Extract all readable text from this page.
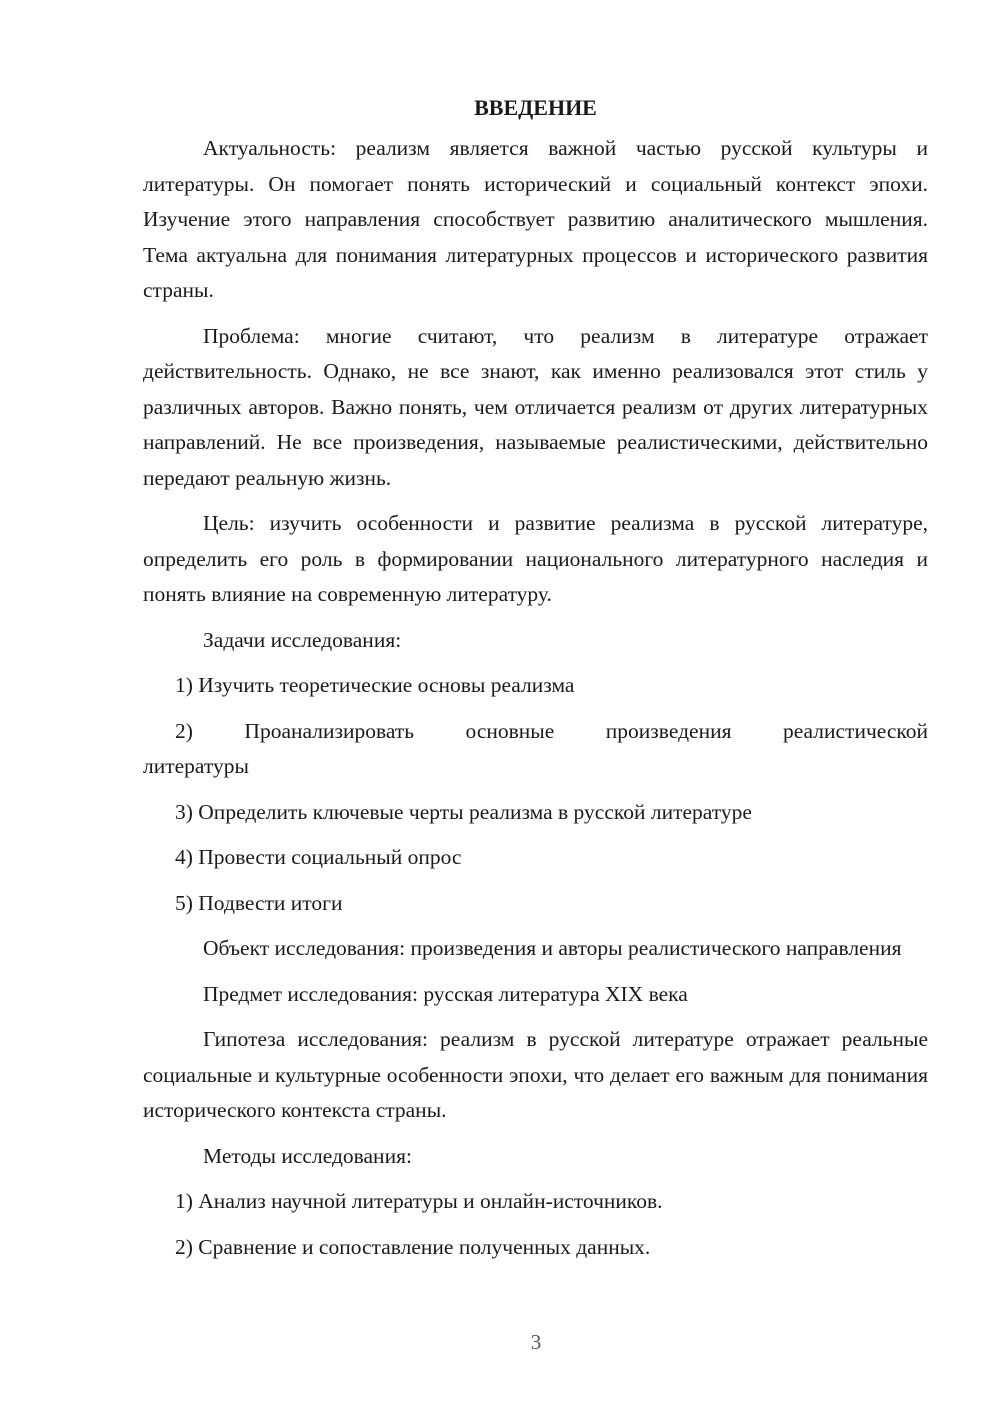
ВВЕДЕНИЕ

Актуальность: реализм является важной частью русской культуры и литературы. Он помогает понять исторический и социальный контекст эпохи. Изучение этого направления способствует развитию аналитического мышления. Тема актуальна для понимания литературных процессов и исторического развития страны.

Проблема: многие считают, что реализм в литературе отражает действительность. Однако, не все знают, как именно реализовался этот стиль у различных авторов. Важно понять, чем отличается реализм от других литературных направлений. Не все произведения, называемые реалистическими, действительно передают реальную жизнь.

Цель: изучить особенности и развитие реализма в русской литературе, определить его роль в формировании национального литературного наследия и понять влияние на современную литературу.

Задачи исследования:

1) Изучить теоретические основы реализма

2) Проанализировать основные произведения реалистической литературы

3) Определить ключевые черты реализма в русской литературе

4) Провести социальный опрос

5) Подвести итоги

Объект исследования: произведения и авторы реалистического направления

Предмет исследования: русская литература XIX века

Гипотеза исследования: реализм в русской литературе отражает реальные социальные и культурные особенности эпохи, что делает его важным для понимания исторического контекста страны.

Методы исследования:

1) Анализ научной литературы и онлайн-источников.

2) Сравнение и сопоставление полученных данных.

3
